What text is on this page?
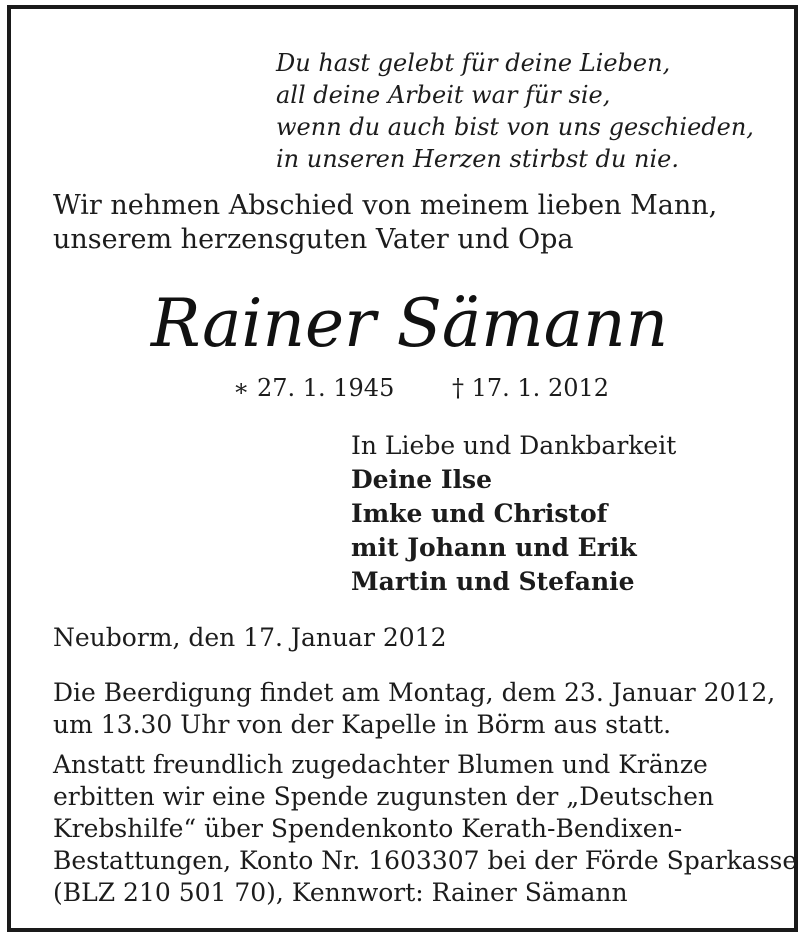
Du hast gelebt für deine Lieben,
all deine Arbeit war für sie,
wenn du auch bist von uns geschieden,
in unseren Herzen stirbst du nie.
Wir nehmen Abschied von meinem lieben Mann,
unserem herzensguten Vater und Opa
Rainer Sämann
∗ 27. 1. 1945 † 17. 1. 2012
In Liebe und Dankbarkeit
Deine Ilse
Imke und Christof
mit Johann und Erik
Martin und Stefanie
Neuborm, den 17. Januar 2012
Die Beerdigung findet am Montag, dem 23. Januar 2012,
um 13.30 Uhr von der Kapelle in Börm aus statt.
Anstatt freundlich zugedachter Blumen und Kränze
erbitten wir eine Spende zugunsten der „Deutschen
Krebshilfe“ über Spendenkonto Kerath-Bendixen-
Bestattungen, Konto Nr. 1603307 bei der Förde Sparkasse
(BLZ 210 501 70), Kennwort: Rainer Sämann
